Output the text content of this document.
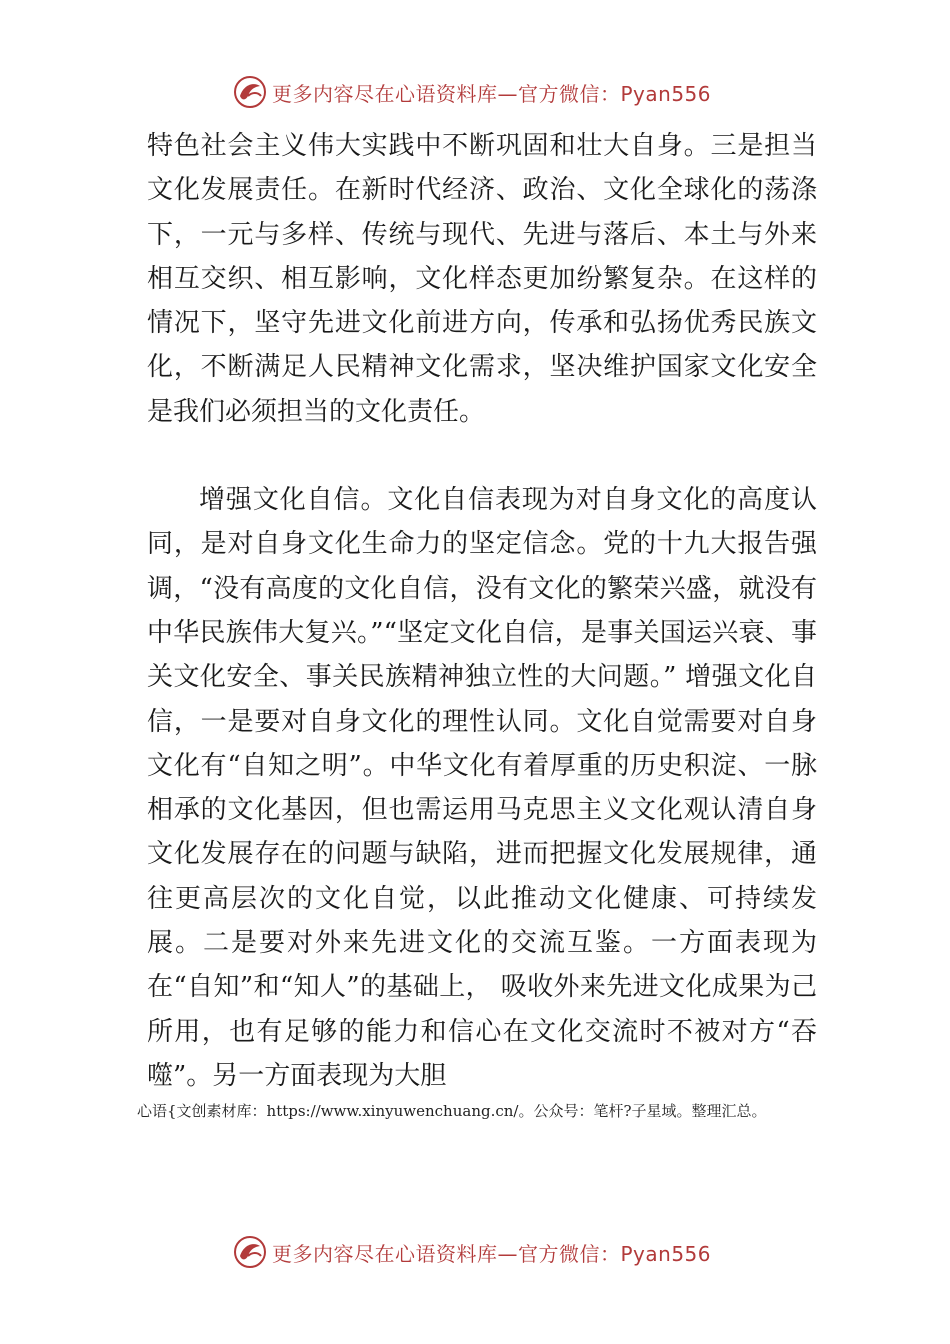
更多内容尽在心语资料库—官方微信：Pyan556

特色社会主义伟大实践中不断巩固和壮大自身。三是担当文化发展责任。在新时代经济、政治、文化全球化的荡涤下，一元与多样、传统与现代、先进与落后、本土与外来相互交织、相互影响，文化样态更加纷繁复杂。在这样的情况下，坚守先进文化前进方向，传承和弘扬优秀民族文化，不断满足人民精神文化需求，坚决维护国家文化安全是我们必须担当的文化责任。

增强文化自信。文化自信表现为对自身文化的高度认同，是对自身文化生命力的坚定信念。党的十九大报告强调，“没有高度的文化自信，没有文化的繁荣兴盛，就没有中华民族伟大复兴。”“坚定文化自信，是事关国运兴衰、事关文化安全、事关民族精神独立性的大问题。” 增强文化自信，一是要对自身文化的理性认同。文化自觉需要对自身文化有“自知之明”。中华文化有着厚重的历史积淀、一脉相承的文化基因，但也需运用马克思主义文化观认清自身文化发展存在的问题与缺陷，进而把握文化发展规律，通往更高层次的文化自觉，以此推动文化健康、可持续发展。二是要对外来先进文化的交流互鉴。一方面表现为在“自知”和“知人”的基础上， 吸收外来先进文化成果为己所用，也有足够的能力和信心在文化交流时不被对方“吞噬”。另一方面表现为大胆

心语{文创素材库：https://www.xinyuwenchuang.cn/。公众号：笔杆?子星域。整理汇总。
更多内容尽在心语资料库—官方微信：Pyan556
